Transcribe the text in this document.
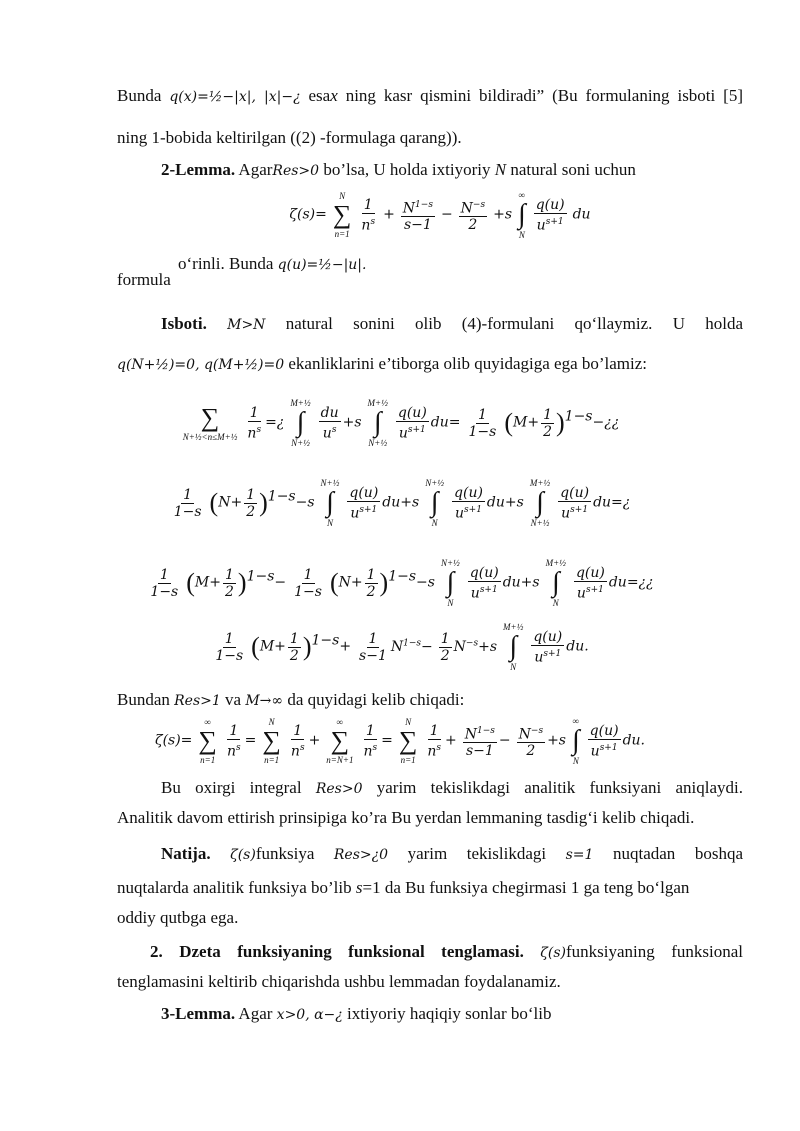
Bunda q(x)=½−|x|, |x|−¿ esax ning kasr qismini bildiradi” (Bu formulaning isboti [5]
ning 1-bobida keltirilgan ((2) -formulaga qarang)).
2-Lemma. AgarRes>0 bo’lsa, U holda ixtiyoriy N natural soni uchun
ζ(s)=
N
∑
n=1

$\frac{1}{n^s} + \frac{N^{1-s}}{s-1} - \frac{N^{-s}}{2} +s$
∞
∫
N

$\frac{q(u)}{u^{s+1}}$ du
o‘rinli. Bunda q(u)=½−|u|.
formula
Isboti. M>N natural sonini olib (4)-formulani qo‘llaymiz. U holda
q(N+½)=0, q(M+½)=0 ekanliklarini e’tiborga olib quyidagiga ega bo’lamiz:
∑
N+½<n≤M+½
$\frac{1}{n^s}$ =¿
M+½
∫
N+½

$\frac{du}{u^s} +s$
M+½
∫
N+½

$\frac{q(u)}{u^{s+1}} du= \frac{1}{1-s} (M+ \frac{1}{2}$ )$^{1-s}-¿¿$
$\frac{1}{1-s} (N+ \frac{1}{2} )^{1-s}-s$
N+½
∫
N

$\frac{q(u)}{u^{s+1}} du+s$
N+½
∫
N

$\frac{q(u)}{u^{s+1}} du+s$
M+½
∫
N+½

$\frac{q(u)}{u^{s+1}}$ du=¿
$\frac{1}{1-s} (M+ \frac{1}{2} )^{1-s}- \frac{1}{1-s} (N+ \frac{1}{2} )^{1-s}-s$
N+½
∫
N

$\frac{q(u)}{u^{s+1}} du+s$
M+½
∫
N

$\frac{q(u)}{u^{s+1}}$ du=¿¿
$\frac{1}{1-s} (M+ \frac{1}{2} )^{1-s}+ \frac{1}{s-1} N^{1-s}- \frac{1}{2} N^{-s}+s$
M+½
∫
N

$\frac{q(u)}{u^{s+1}}$ du.
Bundan Res>1 va M→∞ da quyidagi kelib chiqadi:
ζ(s)=
∞
∑
n=1

$\frac{1}{n^s}$ =
N
∑
n=1

$\frac{1}{n^s}$ +
∞
∑
n=N+1

$\frac{1}{n^s}$ =
N
∑
n=1

$\frac{1}{n^s} + \frac{N^{1-s}}{s-1} - \frac{N^{-s}}{2} +s$
∞
∫
N

$\frac{q(u)}{u^{s+1}}$ du.
Bu oxirgi integral Res>0 yarim tekislikdagi analitik funksiyani aniqlaydi.
Analitik davom ettirish prinsipiga ko’ra Bu yerdan lemmaning tasdig‘i kelib chiqadi.
Natija. ζ(s)funksiya Res>¿0 yarim tekislikdagi s=1 nuqtadan boshqa
nuqtalarda analitik funksiya bo’lib s=1 da Bu funksiya chegirmasi 1 ga teng bo‘lgan
oddiy qutbga ega.
2. Dzeta funksiyaning funksional tenglamasi. ζ(s)funksiyaning funksional
tenglamasini keltirib chiqarishda ushbu lemmadan foydalanamiz.
3-Lemma. Agar x>0, α−¿ ixtiyoriy haqiqiy sonlar bo‘lib
